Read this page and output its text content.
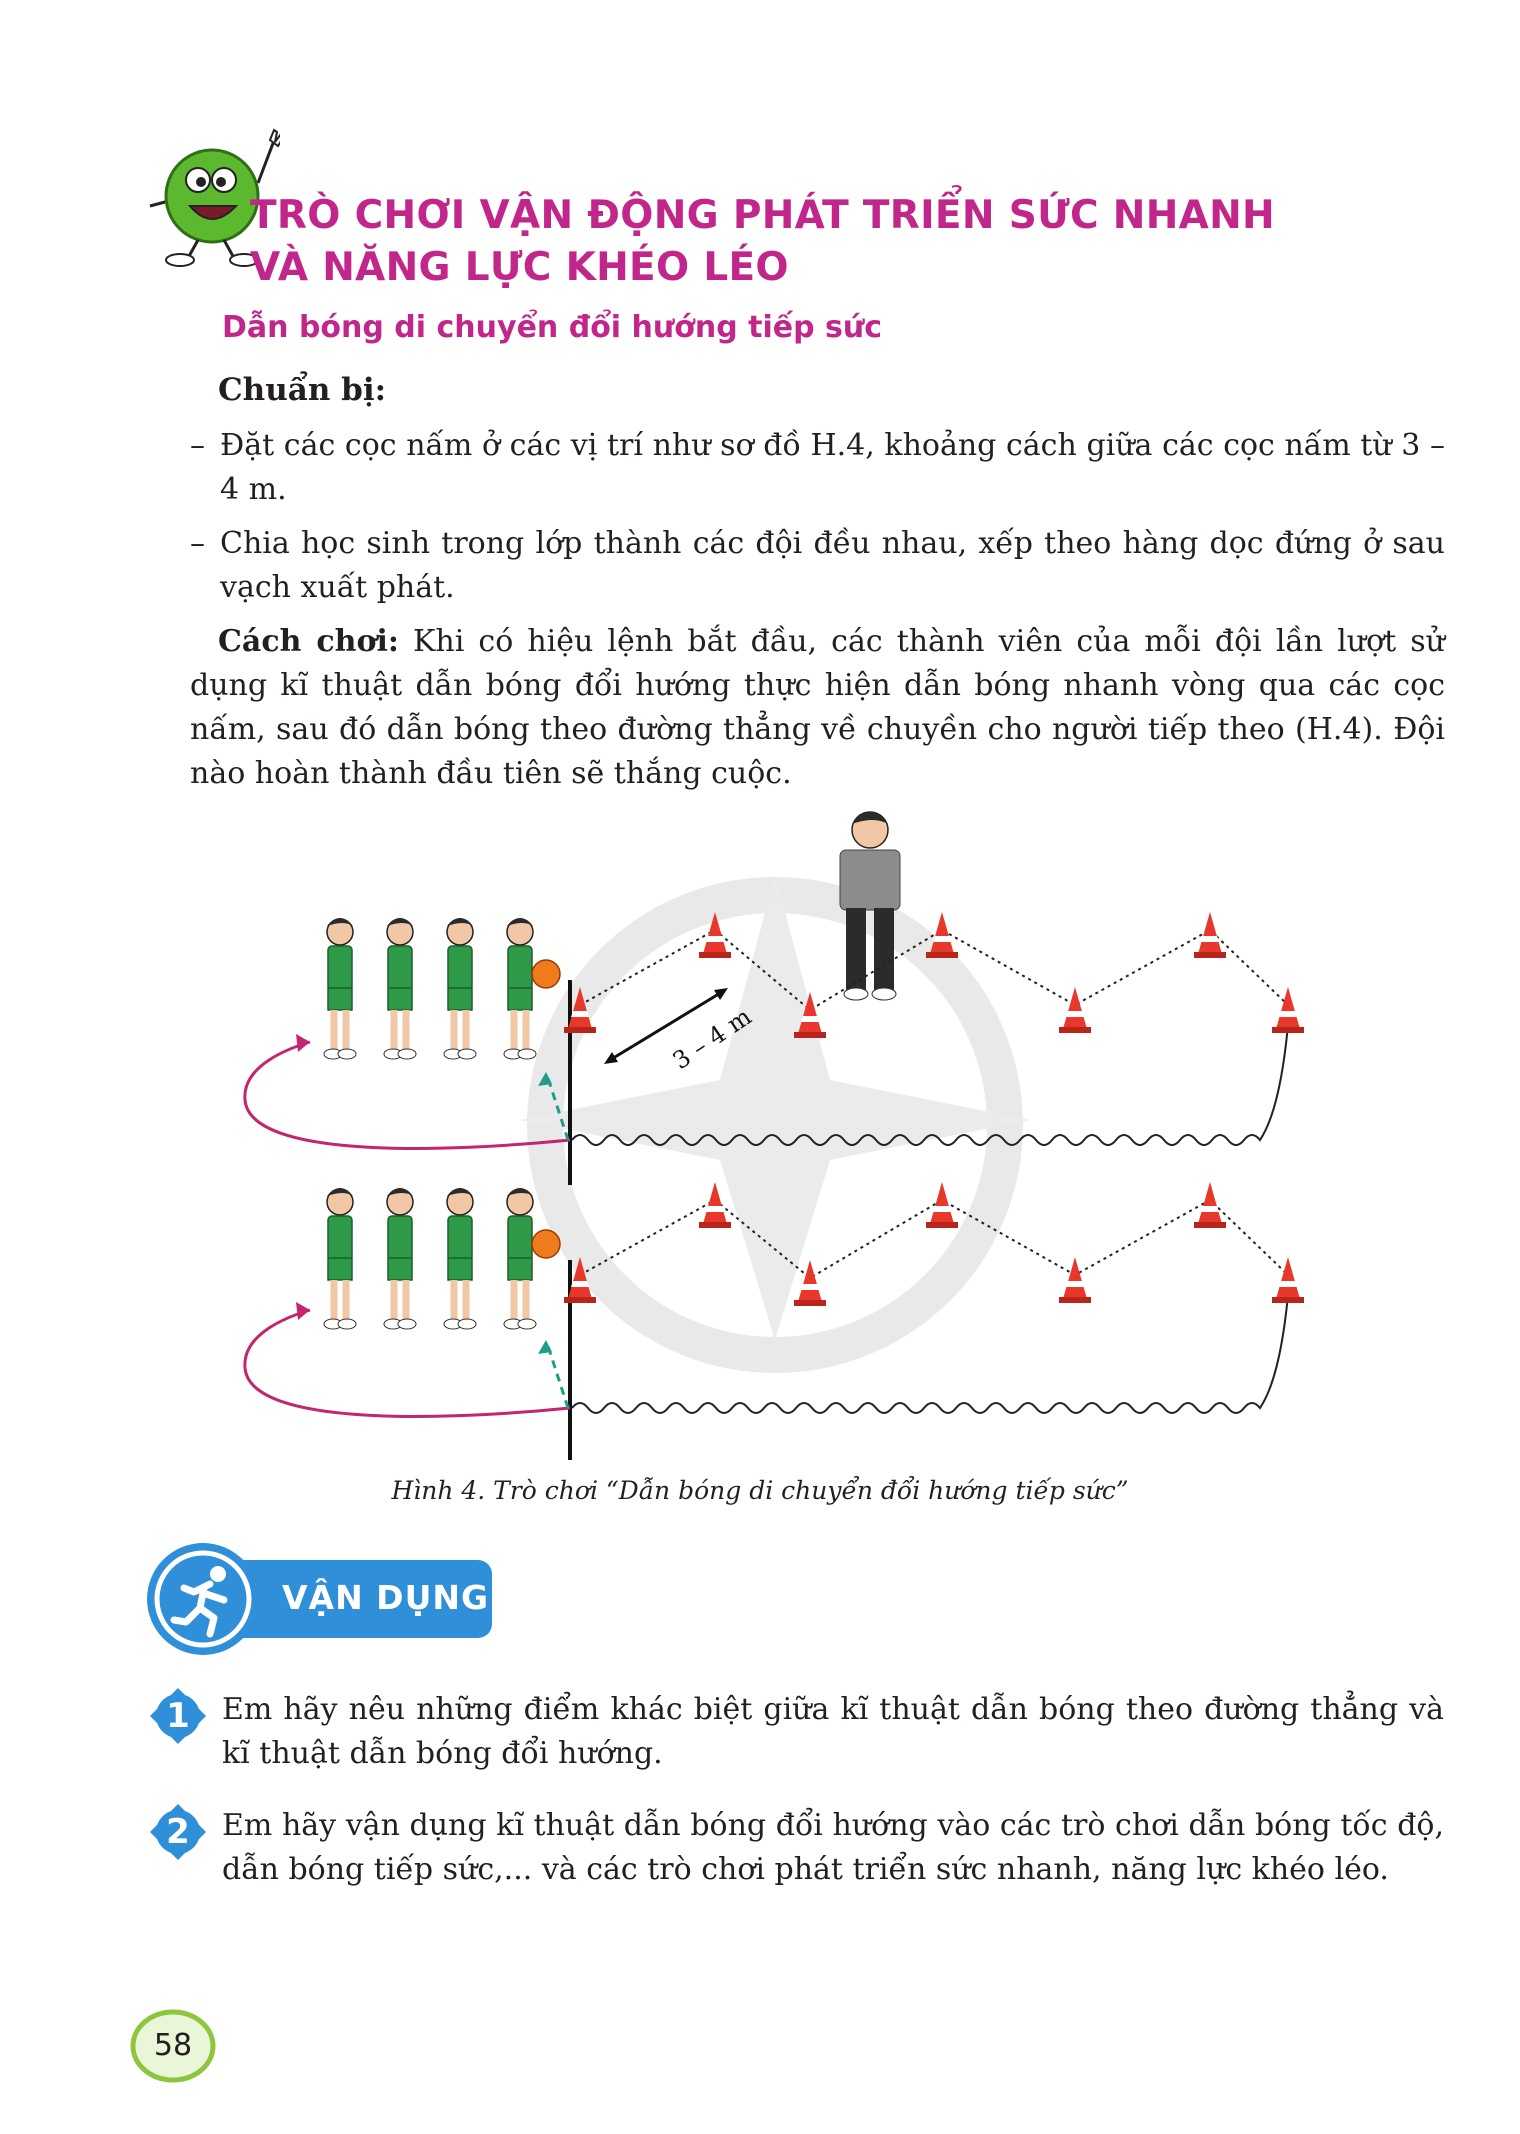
TRÒ CHƠI VẬN ĐỘNG PHÁT TRIỂN SỨC NHANH
VÀ NĂNG LỰC KHÉO LÉO
Dẫn bóng di chuyển đổi hướng tiếp sức
Chuẩn bị:
– Đặt các cọc nấm ở các vị trí như sơ đồ H.4, khoảng cách giữa các cọc nấm từ 3 – 4 m.
– Chia học sinh trong lớp thành các đội đều nhau, xếp theo hàng dọc đứng ở sau vạch xuất phát.
Cách chơi: Khi có hiệu lệnh bắt đầu, các thành viên của mỗi đội lần lượt sử dụng kĩ thuật dẫn bóng đổi hướng thực hiện dẫn bóng nhanh vòng qua các cọc nấm, sau đó dẫn bóng theo đường thẳng về chuyền cho người tiếp theo (H.4). Đội nào hoàn thành đầu tiên sẽ thắng cuộc.
3 – 4 m
Hình 4. Trò chơi “Dẫn bóng di chuyển đổi hướng tiếp sức”
VẬN DỤNG
1	Em hãy nêu những điểm khác biệt giữa kĩ thuật dẫn bóng theo đường thẳng và kĩ thuật dẫn bóng đổi hướng.
2	Em hãy vận dụng kĩ thuật dẫn bóng đổi hướng vào các trò chơi dẫn bóng tốc độ, dẫn bóng tiếp sức,... và các trò chơi phát triển sức nhanh, năng lực khéo léo.
58
